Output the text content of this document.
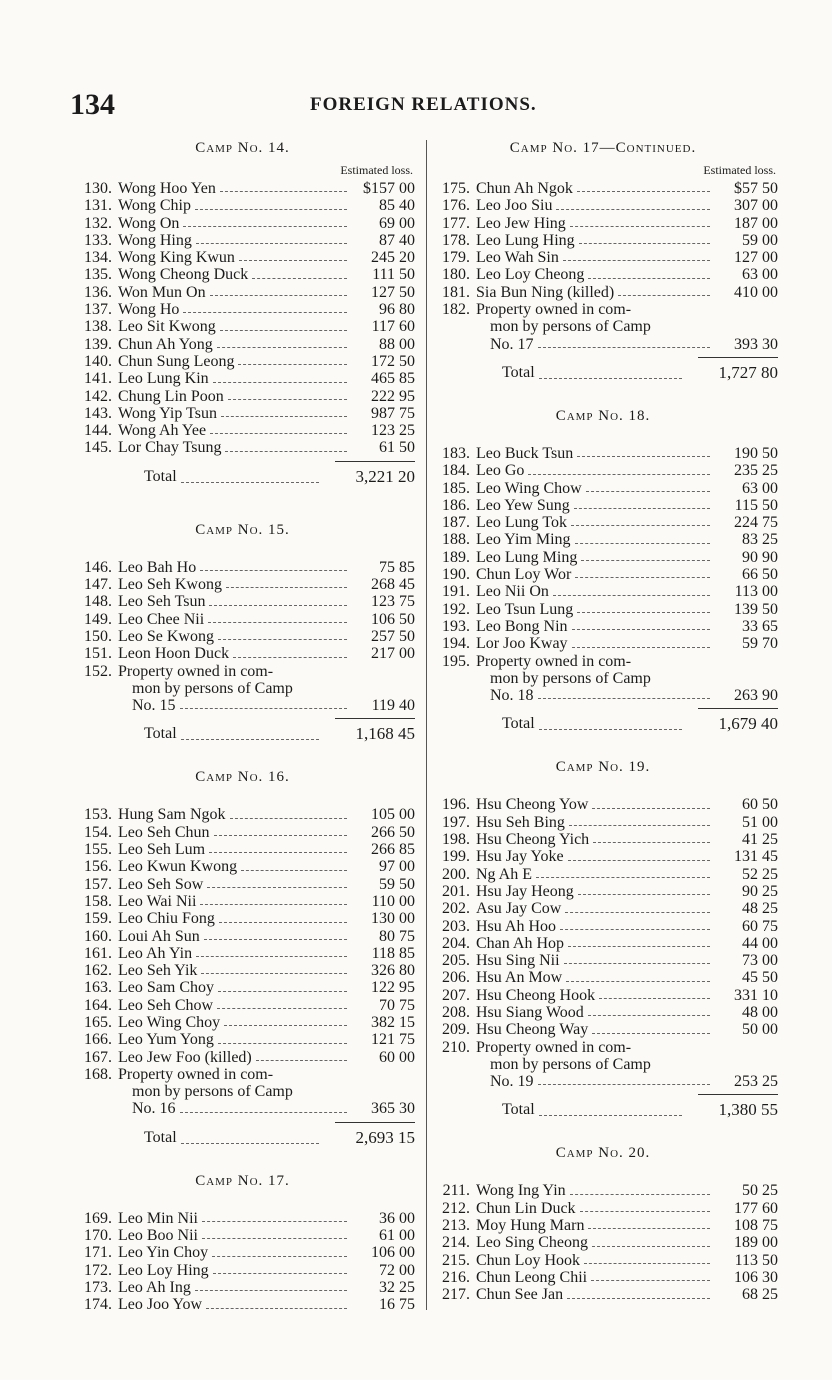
134	FOREIGN RELATIONS.
Camp No. 14.
Estimated loss.
130. Wong Hoo Yen	$157 00
131. Wong Chip	85 40
132. Wong On	69 00
133. Wong Hing	87 40
134. Wong King Kwun	245 20
135. Wong Cheong Duck	111 50
136. Won Mun On	127 50
137. Wong Ho	96 80
138. Leo Sit Kwong	117 60
139. Chun Ah Yong	88 00
140. Chun Sung Leong	172 50
141. Leo Lung Kin	465 85
142. Chung Lin Poon	222 95
143. Wong Yip Tsun	987 75
144. Wong Ah Yee	123 25
145. Lor Chay Tsung	61 50
Total	3,221 20
Camp No. 15.
146. Leo Bah Ho	75 85
147. Leo Seh Kwong	268 45
148. Leo Seh Tsun	123 75
149. Leo Chee Nii	106 50
150. Leo Se Kwong	257 50
151. Leon Hoon Duck	217 00
152. Property owned in com-
mon by persons of Camp
No. 15	119 40
Total	1,168 45
Camp No. 16.
153. Hung Sam Ngok	105 00
154. Leo Seh Chun	266 50
155. Leo Seh Lum	266 85
156. Leo Kwun Kwong	97 00
157. Leo Seh Sow	59 50
158. Leo Wai Nii	110 00
159. Leo Chiu Fong	130 00
160. Loui Ah Sun	80 75
161. Leo Ah Yin	118 85
162. Leo Seh Yik	326 80
163. Leo Sam Choy	122 95
164. Leo Seh Chow	70 75
165. Leo Wing Choy	382 15
166. Leo Yum Yong	121 75
167. Leo Jew Foo (killed)	60 00
168. Property owned in com-
mon by persons of Camp
No. 16	365 30
Total	2,693 15
Camp No. 17.
169. Leo Min Nii	36 00
170. Leo Boo Nii	61 00
171. Leo Yin Choy	106 00
172. Leo Loy Hing	72 00
173. Leo Ah Ing	32 25
174. Leo Joo Yow	16 75
Camp No. 17—Continued.
Estimated loss.
175. Chun Ah Ngok	$57 50
176. Leo Joo Siu	307 00
177. Leo Jew Hing	187 00
178. Leo Lung Hing	59 00
179. Leo Wah Sin	127 00
180. Leo Loy Cheong	63 00
181. Sia Bun Ning (killed)	410 00
182. Property owned in com-
mon by persons of Camp
No. 17	393 30
Total	1,727 80
Camp No. 18.
183. Leo Buck Tsun	190 50
184. Leo Go	235 25
185. Leo Wing Chow	63 00
186. Leo Yew Sung	115 50
187. Leo Lung Tok	224 75
188. Leo Yim Ming	83 25
189. Leo Lung Ming	90 90
190. Chun Loy Wor	66 50
191. Leo Nii On	113 00
192. Leo Tsun Lung	139 50
193. Leo Bong Nin	33 65
194. Lor Joo Kway	59 70
195. Property owned in com-
mon by persons of Camp
No. 18	263 90
Total	1,679 40
Camp No. 19.
196. Hsu Cheong Yow	60 50
197. Hsu Seh Bing	51 00
198. Hsu Cheong Yich	41 25
199. Hsu Jay Yoke	131 45
200. Ng Ah E	52 25
201. Hsu Jay Heong	90 25
202. Asu Jay Cow	48 25
203. Hsu Ah Hoo	60 75
204. Chan Ah Hop	44 00
205. Hsu Sing Nii	73 00
206. Hsu An Mow	45 50
207. Hsu Cheong Hook	331 10
208. Hsu Siang Wood	48 00
209. Hsu Cheong Way	50 00
210. Property owned in com-
mon by persons of Camp
No. 19	253 25
Total	1,380 55
Camp No. 20.
211. Wong Ing Yin	50 25
212. Chun Lin Duck	177 60
213. Moy Hung Marn	108 75
214. Leo Sing Cheong	189 00
215. Chun Loy Hook	113 50
216. Chun Leong Chii	106 30
217. Chun See Jan	68 25
